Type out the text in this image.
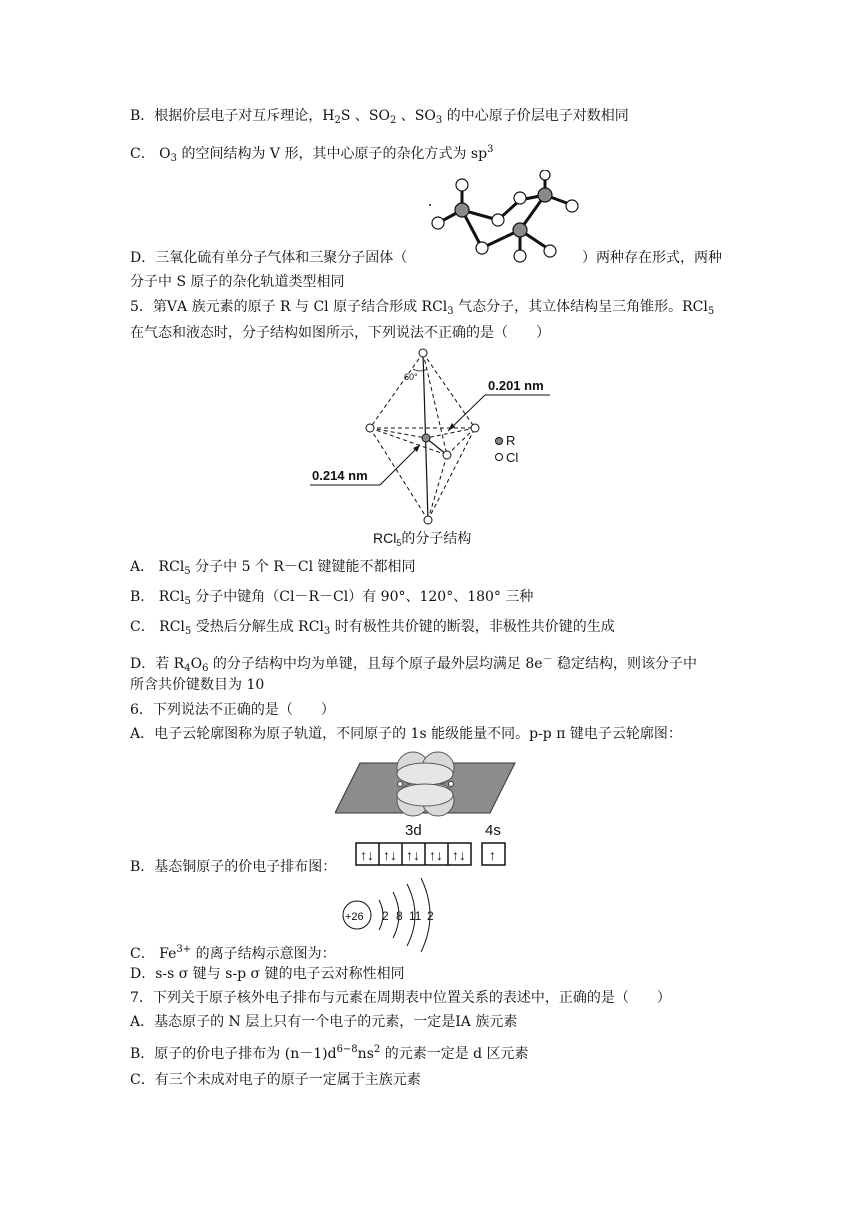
B．根据价层电子对互斥理论，$H_2S$ 、$SO_2$ 、$SO_3$ 的中心原子价层电子对数相同
C． $O_3$ 的空间结构为 V 形，其中心原子的杂化方式为 $sp^3$
D．三氧化硫有单分子气体和三聚分子固体（	）两种存在形式，两种
分子中 S 原子的杂化轨道类型相同
5．第ⅤA 族元素的原子 R 与 Cl 原子结合形成 RCl$_3$ 气态分子，其立体结构呈三角锥形。RCl$_5$
在气态和液态时，分子结构如图所示，下列说法不正确的是（　　）
60°
0.201 nm
0.214 nm
R
Cl
RCl$_5$的分子结构
A． RCl$_5$ 分子中 5 个 R－Cl 键键能不都相同
B． RCl$_5$ 分子中键角（Cl－R－Cl）有 90°、120°、180° 三种
C． RCl$_5$ 受热后分解生成 RCl$_3$ 时有极性共价键的断裂，非极性共价键的生成
D．若 $R_4O_6$ 的分子结构中均为单键，且每个原子最外层均满足 8e－ 稳定结构，则该分子中
所含共价键数目为 10
6．下列说法不正确的是（　　）
A．电子云轮廓图称为原子轨道，不同原子的 1s 能级能量不同。p-p π 键电子云轮廓图：
B．基态铜原子的价电子排布图：
3d	4s
↑↓ ↑↓ ↑↓ ↑↓ ↑↓ ↑
+26 2 8 11 2
C． $Fe^{3+}$ 的离子结构示意图为：
D．s-s σ 键与 s-p σ 键的电子云对称性相同
7．下列关于原子核外电子排布与元素在周期表中位置关系的表述中，正确的是（　　）
A．基态原子的 N 层上只有一个电子的元素，一定是ⅠA 族元素
B．原子的价电子排布为 $(n-1)d^{6-8}ns^2$ 的元素一定是 d 区元素
C．有三个未成对电子的原子一定属于主族元素
